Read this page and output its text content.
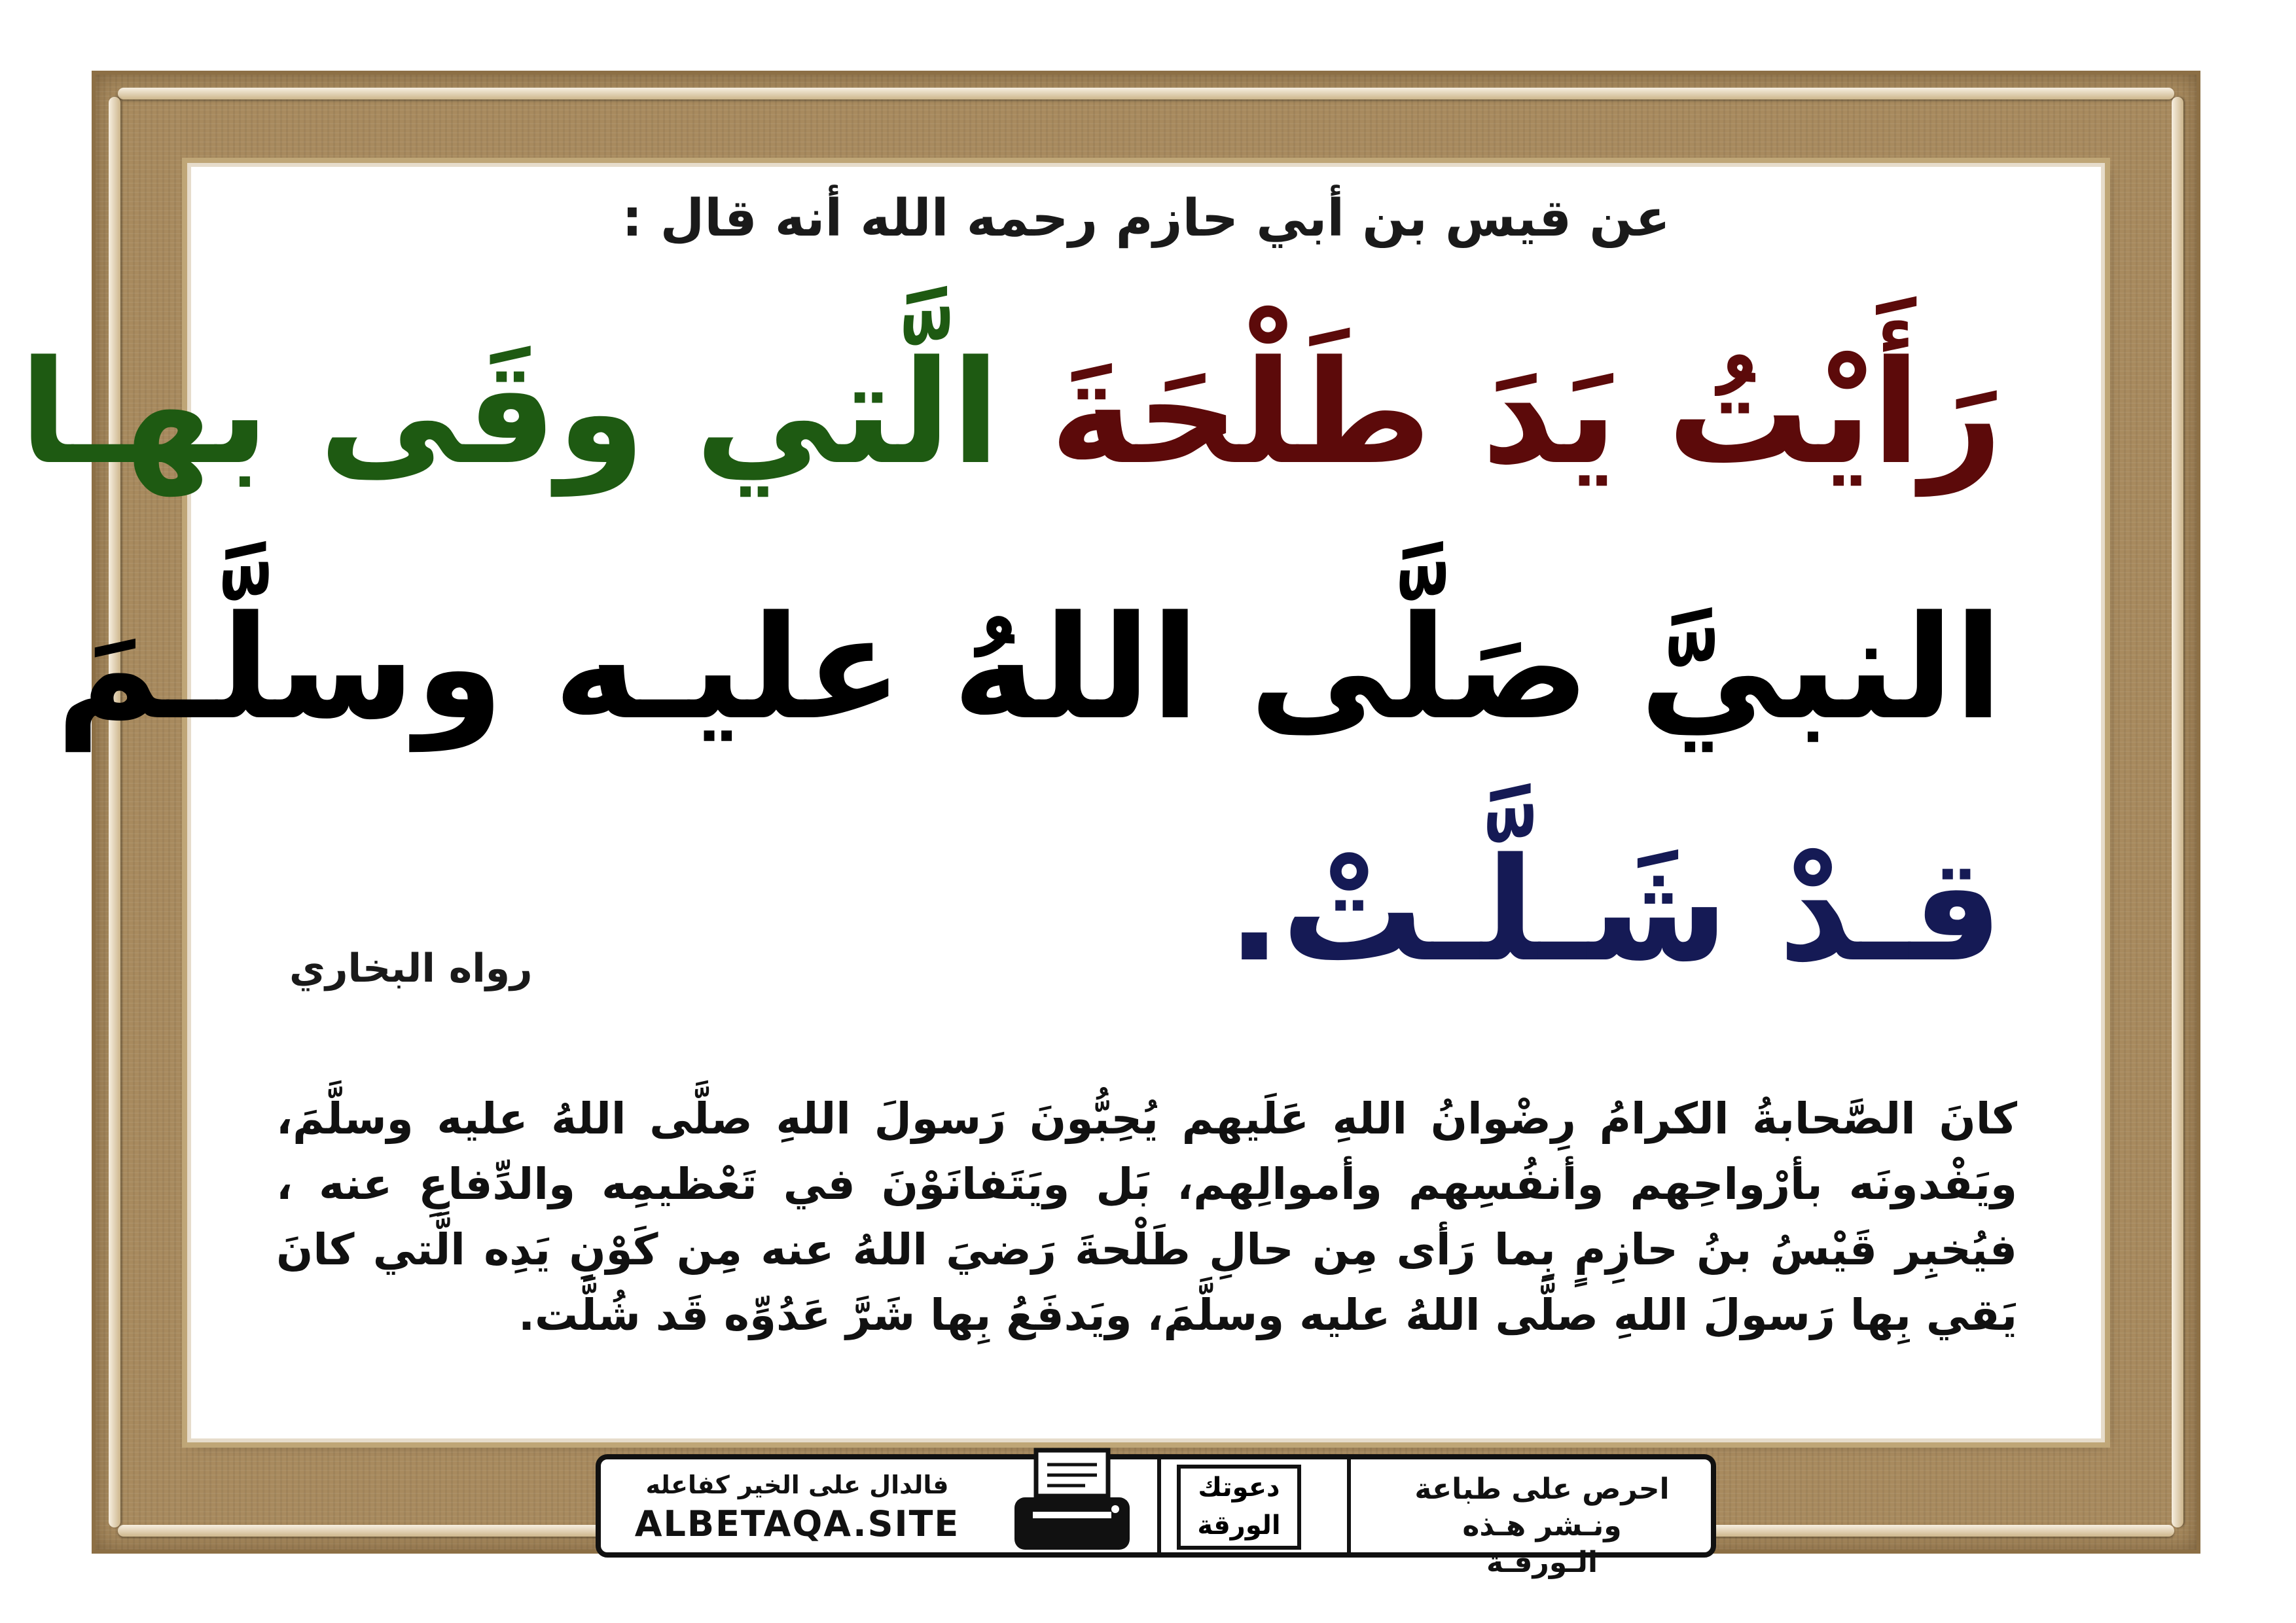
عن قيس بن أبي حازم رحمه الله أنه قال :
رَأَيْتُ يَدَ طَلْحَةَ الَّتي وقَى بهـا
النبيَّ صَلَّى اللهُ عليـه وسلَّـمَ
قـدْ شَـلَّـتْ.
رواه البخاري
كانَ الصَّحابةُ الكرامُ رِضْوانُ اللهِ عَلَيهم يُحِبُّونَ رَسولَ اللهِ صلَّى اللهُ عليه وسلَّمَ، ويَفْدونَه بأرْواحِهم وأنفُسِهم وأموالِهم، بَل ويَتَفانَوْنَ في تَعْظيمِه والدِّفاعِ عنه ، فيُخبِر قَيْسُ بنُ حازِمٍ بِما رَأى مِن حالِ طَلْحةَ رَضيَ اللهُ عنه مِن كَوْنِ يَدِه الَّتي كانَ يَقي بِها رَسولَ اللهِ صلَّى اللهُ عليه وسلَّمَ، ويَدفَعُ بِها شَرَّ عَدُوِّه قَد شُلَّت.
احرص على طباعة
ونـشر هـذه الـورقـة
دعوتك الورقة
فالدال على الخير كفاعله
ALBETAQA.SITE
